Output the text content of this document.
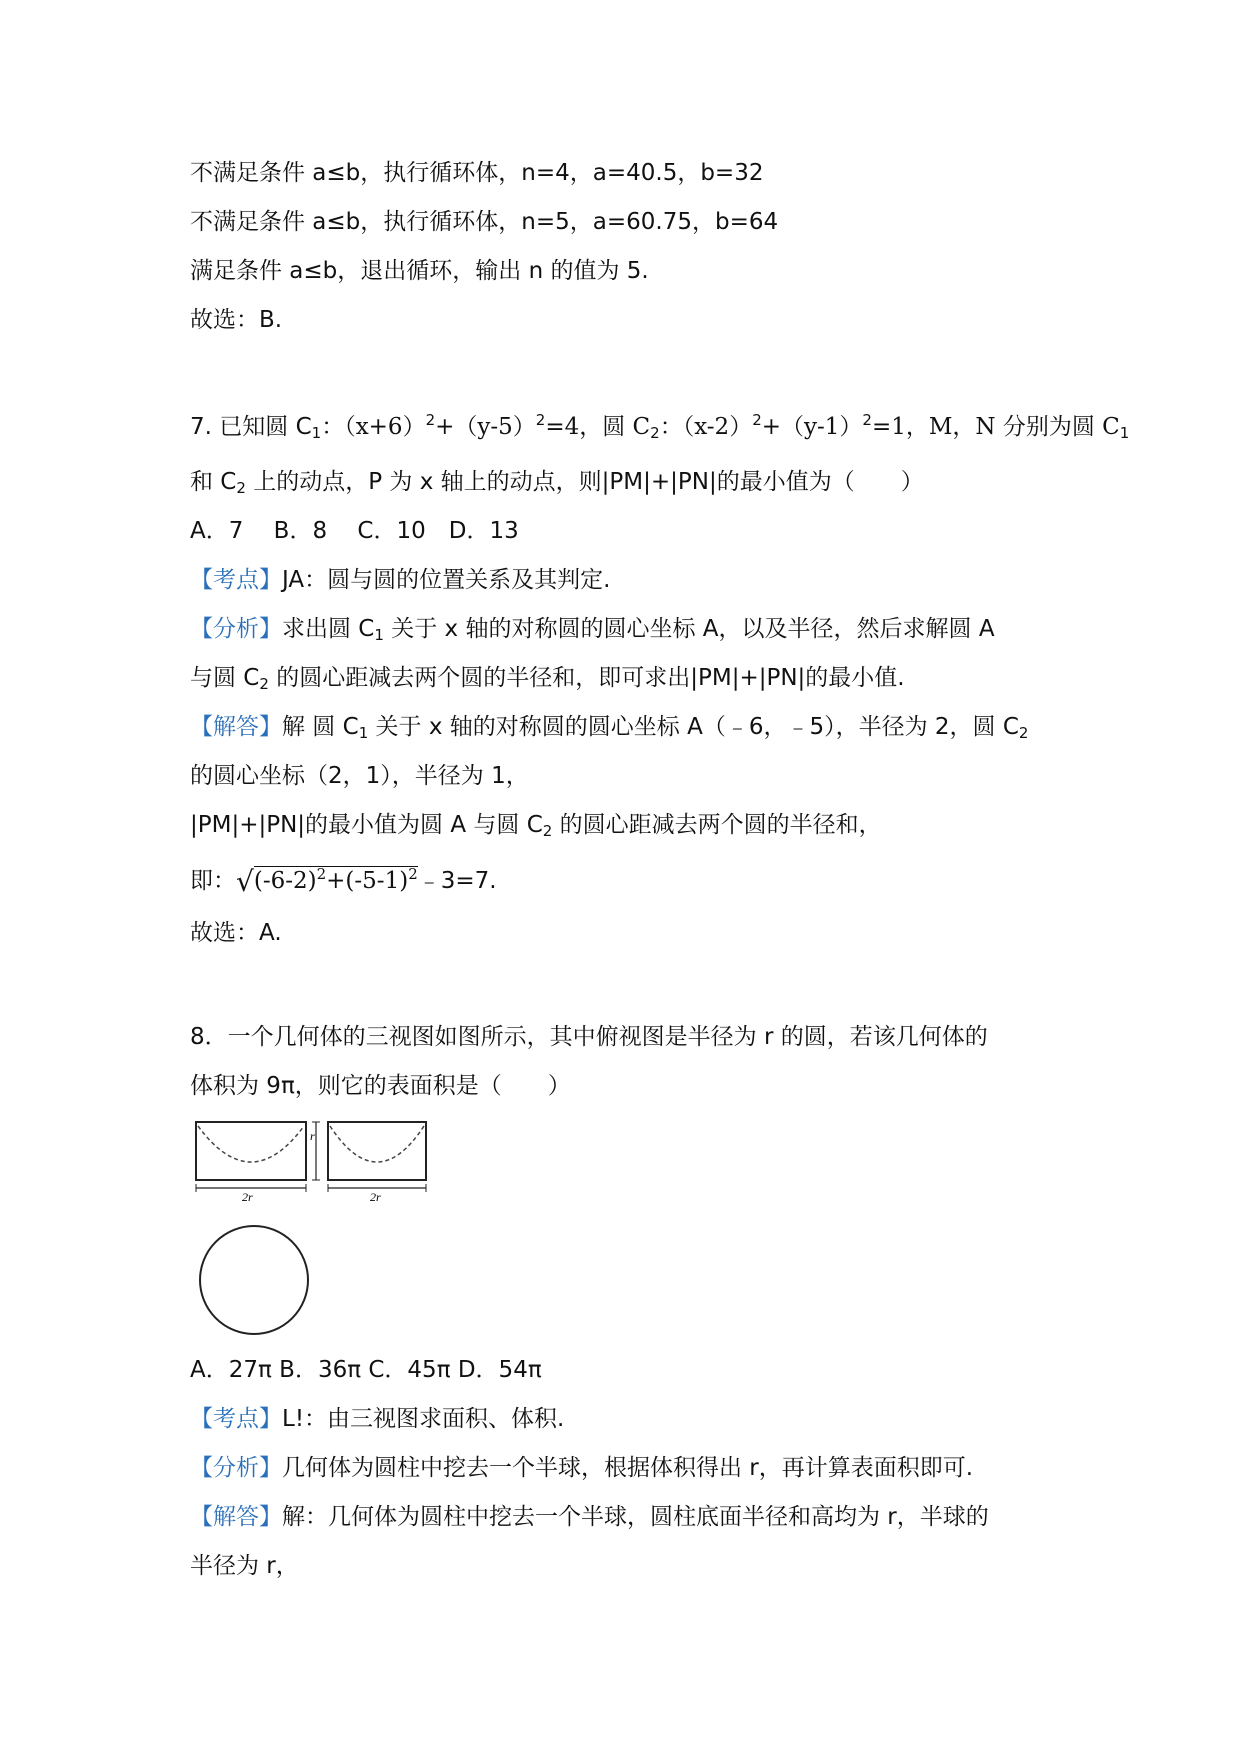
不满足条件 a≤b，执行循环体，n=4，a=40.5，b=32
不满足条件 a≤b，执行循环体，n=5，a=60.75，b=64
满足条件 a≤b，退出循环，输出 n 的值为 5.
故选：B.
7. 已知圆 $C_1$：$(x+6)^2+(y-5)^2=4$，圆 $C_2$：$(x-2)^2+(y-1)^2=1$，M，N 分别为圆 $C_1$
和 $C_2$ 上的动点，P 为 x 轴上的动点，则|PM|+|PN|的最小值为（　　）
A．7　 B．8　 C．10　D．13
【考点】JA：圆与圆的位置关系及其判定.
【分析】求出圆 $C_1$ 关于 x 轴的对称圆的圆心坐标 A，以及半径，然后求解圆 A
与圆 $C_2$ 的圆心距减去两个圆的半径和，即可求出|PM|+|PN|的最小值.
【解答】解 圆 $C_1$ 关于 x 轴的对称圆的圆心坐标 A（﹣6，﹣5），半径为 2，圆 $C_2$
的圆心坐标（2，1），半径为 1，
|PM|+|PN|的最小值为圆 A 与圆 $C_2$ 的圆心距减去两个圆的半径和，
即：$√(-6-2)^2+(-5-1)^2﹣3=7$.
故选：A.
8．一个几何体的三视图如图所示，其中俯视图是半径为 r 的圆，若该几何体的
体积为 9π，则它的表面积是（　　）
r
2r	2r
A．27π B．36π C．45π D．54π
【考点】L!：由三视图求面积、体积.
【分析】几何体为圆柱中挖去一个半球，根据体积得出 r，再计算表面积即可.
【解答】解：几何体为圆柱中挖去一个半球，圆柱底面半径和高均为 r，半球的
半径为 r，
